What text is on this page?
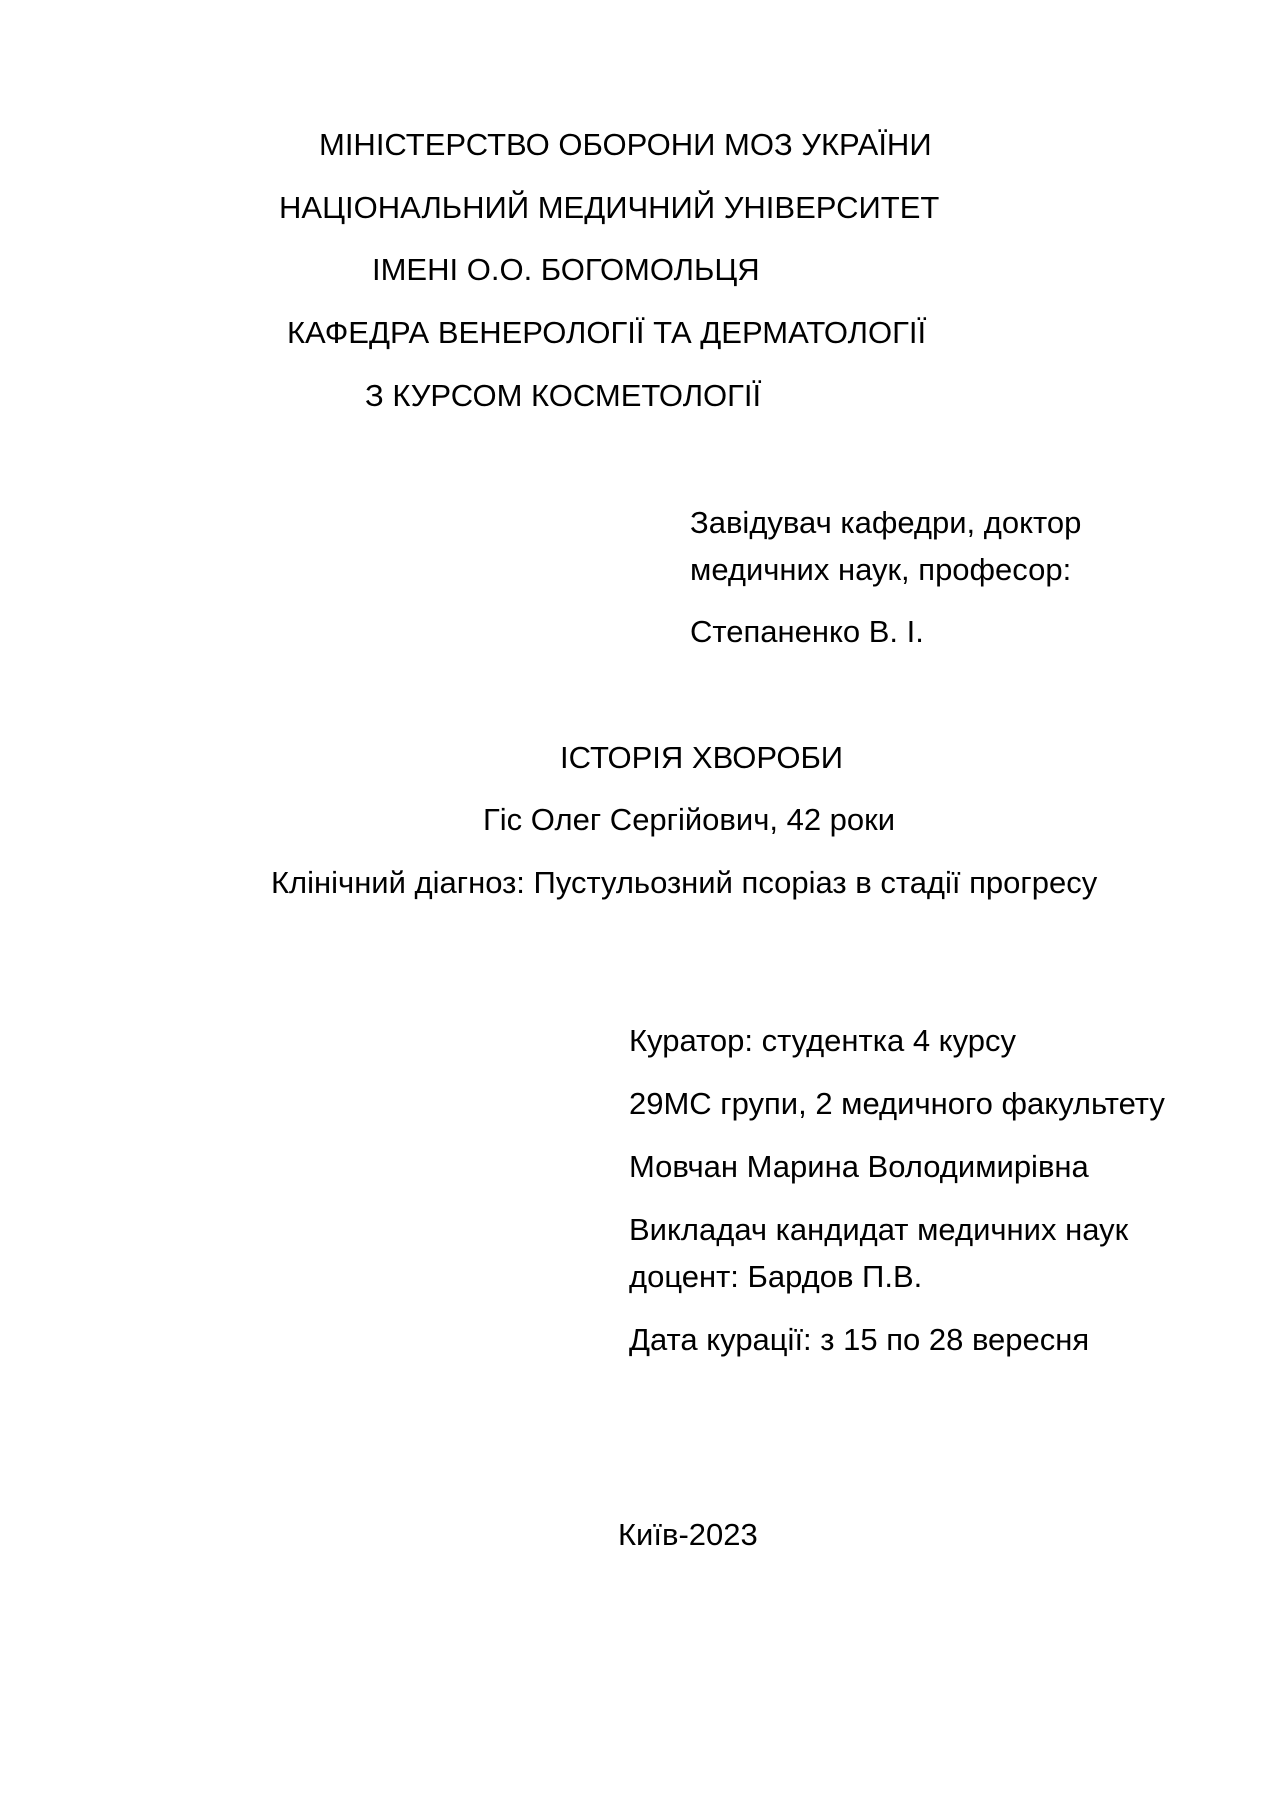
МІНІСТЕРСТВО ОБОРОНИ МОЗ УКРАЇНИ
НАЦІОНАЛЬНИЙ МЕДИЧНИЙ УНІВЕРСИТЕТ
ІМЕНІ О.О. БОГОМОЛЬЦЯ
КАФЕДРА ВЕНЕРОЛОГІЇ ТА ДЕРМАТОЛОГІЇ
З КУРСОМ КОСМЕТОЛОГІЇ
Завідувач кафедри, доктор
медичних наук, професор:
Степаненко В. І.
ІСТОРІЯ ХВОРОБИ
Гіс Олег Сергійович, 42 роки
Клінічний діагноз: Пустульозний псоріаз в стадії прогресу
Куратор: студентка 4 курсу
29МС групи, 2 медичного факультету
Мовчан Марина Володимирівна
Викладач кандидат медичних наук
доцент: Бардов П.В.
Дата курації: з 15 по 28 вересня
Київ-2023
